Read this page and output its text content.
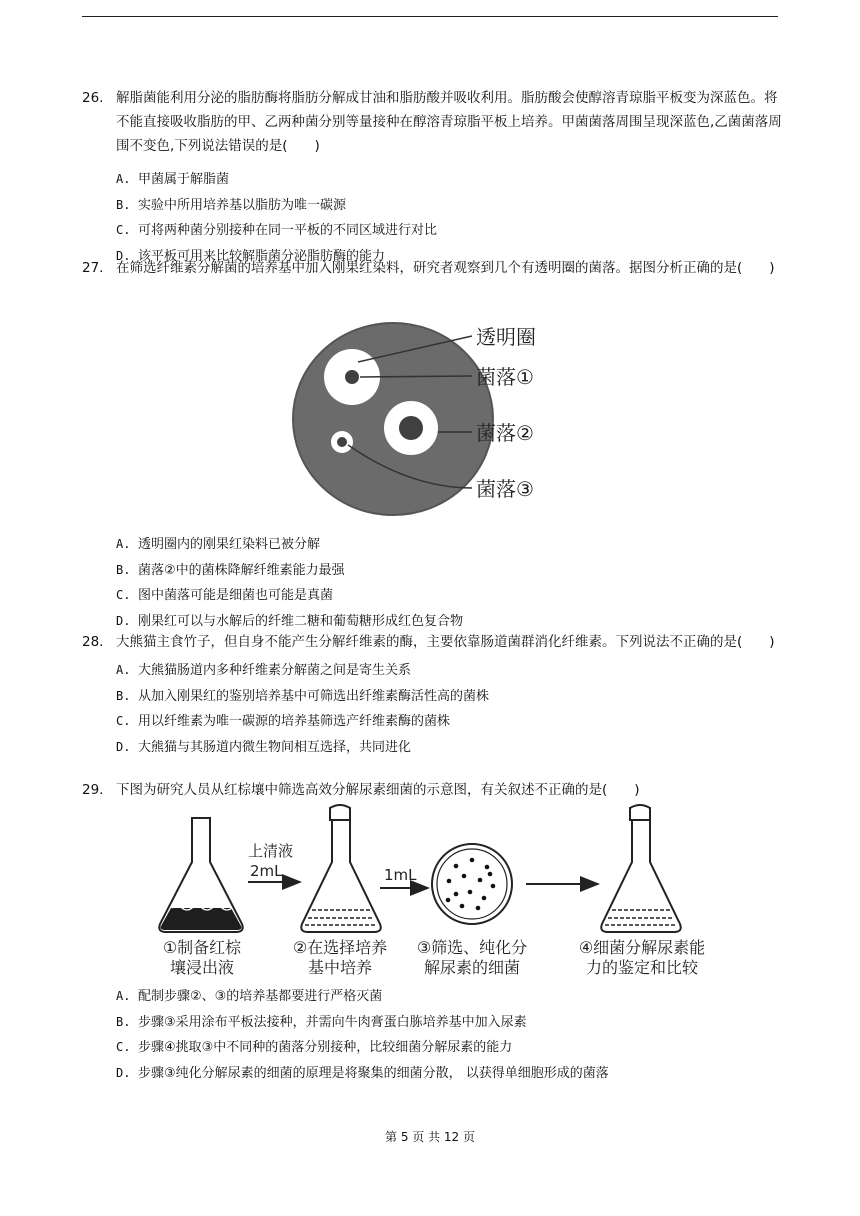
26. 解脂菌能利用分泌的脂肪酶将脂肪分解成甘油和脂肪酸并吸收利用。脂肪酸会使醇溶青琼脂平板变为深蓝色。将不能直接吸收脂肪的甲、乙两种菌分别等量接种在醇溶青琼脂平板上培养。甲菌菌落周围呈现深蓝色,乙菌菌落周围不变色,下列说法错误的是(　　)
A. 甲菌属于解脂菌
B. 实验中所用培养基以脂肪为唯一碳源
C. 可将两种菌分别接种在同一平板的不同区域进行对比
D. 该平板可用来比较解脂菌分泌脂肪酶的能力
27. 在筛选纤维素分解菌的培养基中加入刚果红染料，研究者观察到几个有透明圈的菌落。据图分析正确的是(　　)
透明圈
菌落①
菌落②
菌落③
A. 透明圈内的刚果红染料已被分解
B. 菌落②中的菌株降解纤维素能力最强
C. 图中菌落可能是细菌也可能是真菌
D. 刚果红可以与水解后的纤维二糖和葡萄糖形成红色复合物
28. 大熊猫主食竹子，但自身不能产生分解纤维素的酶，主要依靠肠道菌群消化纤维素。下列说法不正确的是(　　)
A. 大熊猫肠道内多种纤维素分解菌之间是寄生关系
B. 从加入刚果红的鉴别培养基中可筛选出纤维素酶活性高的菌株
C. 用以纤维素为唯一碳源的培养基筛选产纤维素酶的菌株
D. 大熊猫与其肠道内微生物间相互选择，共同进化
29. 下图为研究人员从红棕壤中筛选高效分解尿素细菌的示意图，有关叙述不正确的是(　　)
上清液
2mL	1mL
①制备红棕
壤浸出液
②在选择培养
基中培养
③筛选、纯化分
解尿素的细菌
④细菌分解尿素能
力的鉴定和比较
A. 配制步骤②、③的培养基都要进行严格灭菌
B. 步骤③采用涂布平板法接种，并需向牛肉膏蛋白胨培养基中加入尿素
C. 步骤④挑取③中不同种的菌落分别接种，比较细菌分解尿素的能力
D. 步骤③纯化分解尿素的细菌的原理是将聚集的细菌分散， 以获得单细胞形成的菌落
第 5 页 共 12 页
